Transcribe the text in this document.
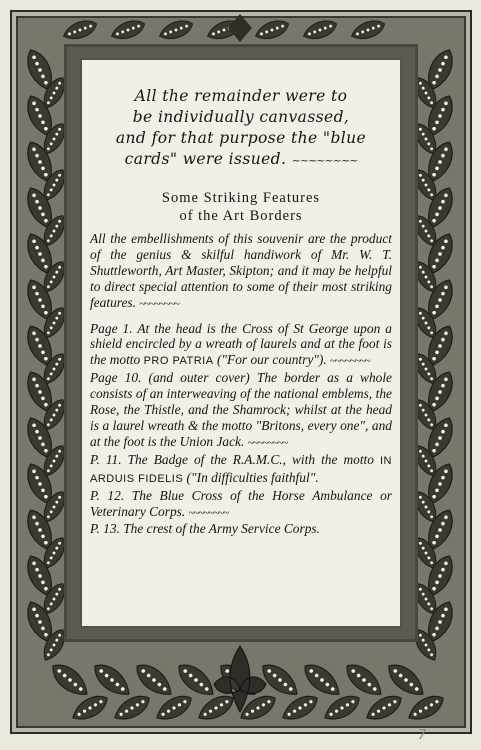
All the remainder were to
be individually canvassed,
and for that purpose the "blue
cards" were issued. ~~~~~~~~

Some Striking Features
of the Art Borders

All the embellishments of this souvenir are the product of the genius & skilful handiwork of Mr. W. T. Shuttleworth, Art Master, Skipton; and it may be helpful to direct special attention to some of their most striking features. ~~~~~~~~

Page 1. At the head is the Cross of St George upon a shield encircled by a wreath of laurels and at the foot is the motto PRO PATRIA ("For our country"). ~~~~~~~~

Page 10. (and outer cover) The border as a whole consists of an interweaving of the national emblems, the Rose, the Thistle, and the Shamrock; whilst at the head is a laurel wreath & the motto "Britons, every one", and at the foot is the Union Jack. ~~~~~~~~

P. 11. The Badge of the R.A.M.C., with the motto IN ARDUIS FIDELIS ("In difficulties faithful".

P. 12. The Blue Cross of the Horse Ambulance or Veterinary Corps. ~~~~~~~~

P. 13. The crest of the Army Service Corps.

7
